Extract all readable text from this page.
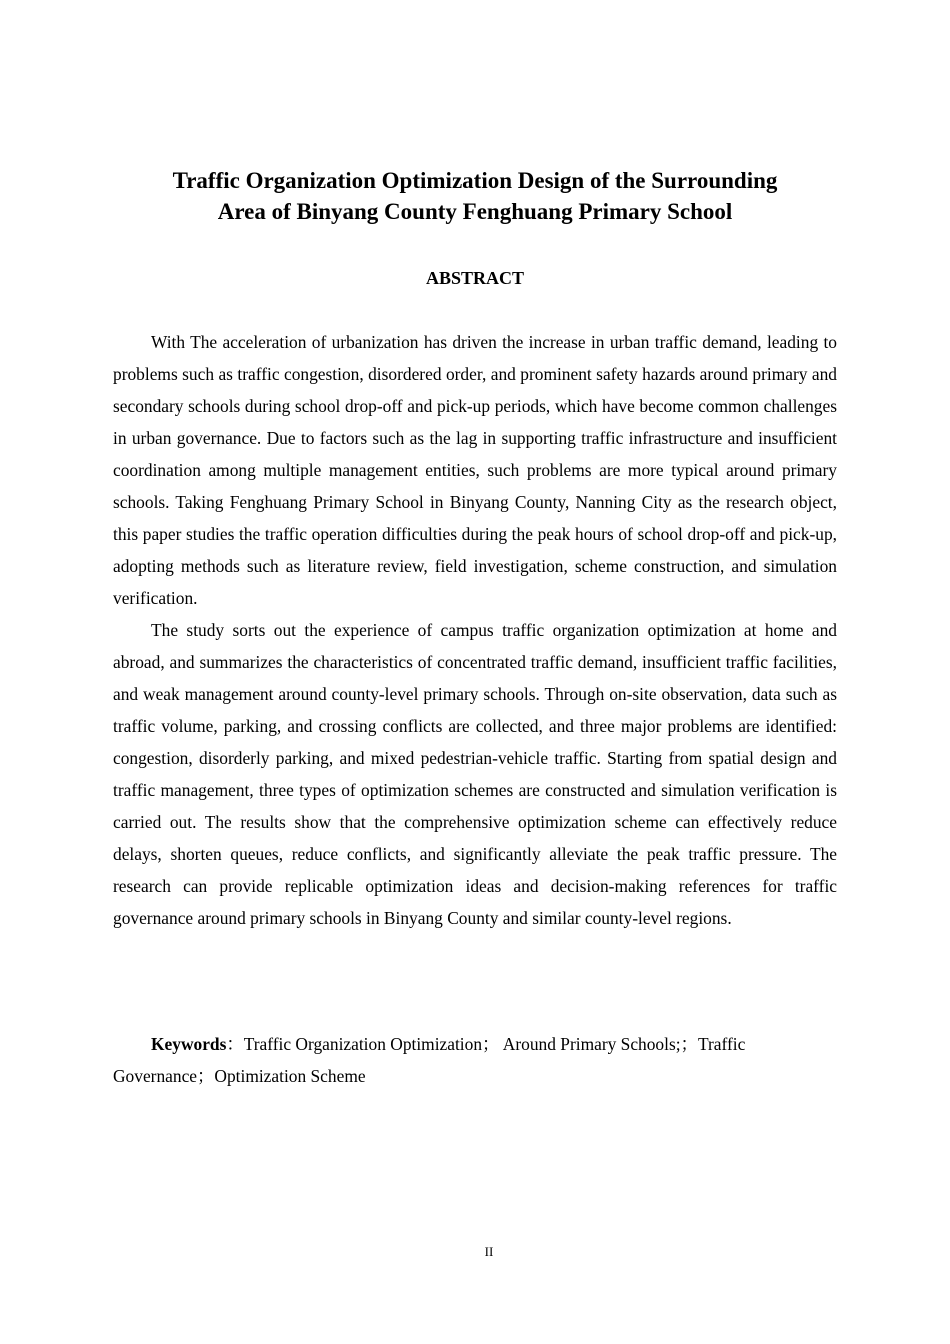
Traffic Organization Optimization Design of the Surrounding
Area of Binyang County Fenghuang Primary School
ABSTRACT

With The acceleration of urbanization has driven the increase in urban traffic demand, leading to problems such as traffic congestion, disordered order, and prominent safety hazards around primary and secondary schools during school drop-off and pick-up periods, which have become common challenges in urban governance. Due to factors such as the lag in supporting traffic infrastructure and insufficient coordination among multiple management entities, such problems are more typical around primary schools. Taking Fenghuang Primary School in Binyang County, Nanning City as the research object, this paper studies the traffic operation difficulties during the peak hours of school drop-off and pick-up, adopting methods such as literature review, field investigation, scheme construction, and simulation verification.

The study sorts out the experience of campus traffic organization optimization at home and abroad, and summarizes the characteristics of concentrated traffic demand, insufficient traffic facilities, and weak management around county-level primary schools. Through on-site observation, data such as traffic volume, parking, and crossing conflicts are collected, and three major problems are identified: congestion, disorderly parking, and mixed pedestrian-vehicle traffic. Starting from spatial design and traffic management, three types of optimization schemes are constructed and simulation verification is carried out. The results show that the comprehensive optimization scheme can effectively reduce delays, shorten queues, reduce conflicts, and significantly alleviate the peak traffic pressure. The research can provide replicable optimization ideas and decision-making references for traffic governance around primary schools in Binyang County and similar county-level regions.

Keywords：Traffic Organization Optimization； Around Primary Schools;；Traffic Governance；Optimization Scheme

II
